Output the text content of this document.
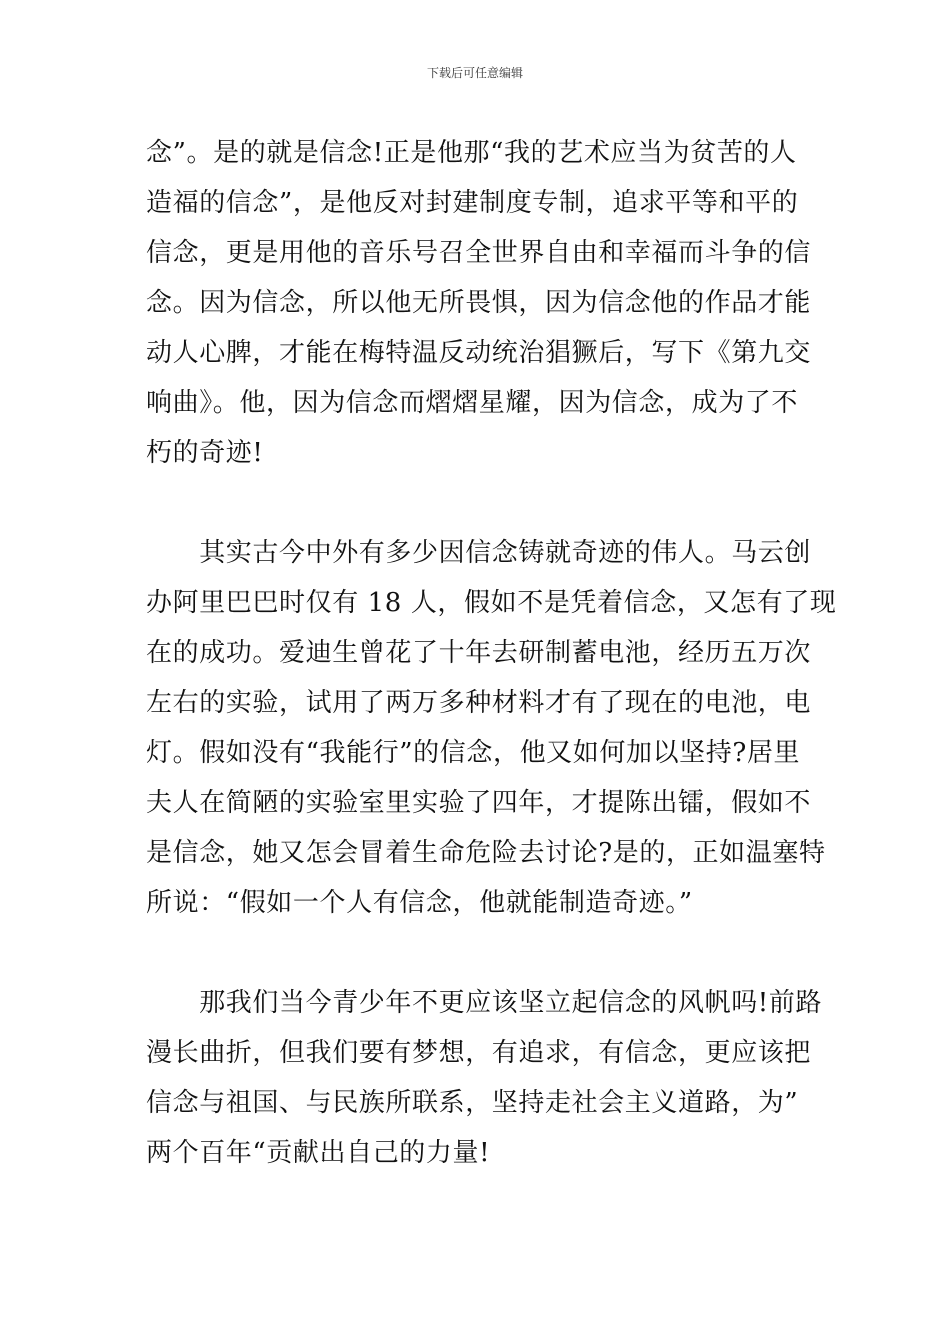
下载后可任意编辑
念”。是的就是信念!正是他那“我的艺术应当为贫苦的人
造福的信念”，是他反对封建制度专制，追求平等和平的
信念，更是用他的音乐号召全世界自由和幸福而斗争的信
念。因为信念，所以他无所畏惧，因为信念他的作品才能
动人心脾，才能在梅特温反动统治猖獗后，写下《第九交
响曲》。他，因为信念而熠熠星耀，因为信念，成为了不
朽的奇迹!
　　其实古今中外有多少因信念铸就奇迹的伟人。马云创
办阿里巴巴时仅有 18 人，假如不是凭着信念，又怎有了现
在的成功。爱迪生曾花了十年去研制蓄电池，经历五万次
左右的实验，试用了两万多种材料才有了现在的电池，电
灯。假如没有“我能行”的信念，他又如何加以坚持?居里
夫人在简陋的实验室里实验了四年，才提陈出镭，假如不
是信念，她又怎会冒着生命危险去讨论?是的，正如温塞特
所说：“假如一个人有信念，他就能制造奇迹。”
　　那我们当今青少年不更应该坚立起信念的风帆吗!前路
漫长曲折，但我们要有梦想，有追求，有信念，更应该把
信念与祖国、与民族所联系，坚持走社会主义道路，为”
两个百年“贡献出自己的力量!
